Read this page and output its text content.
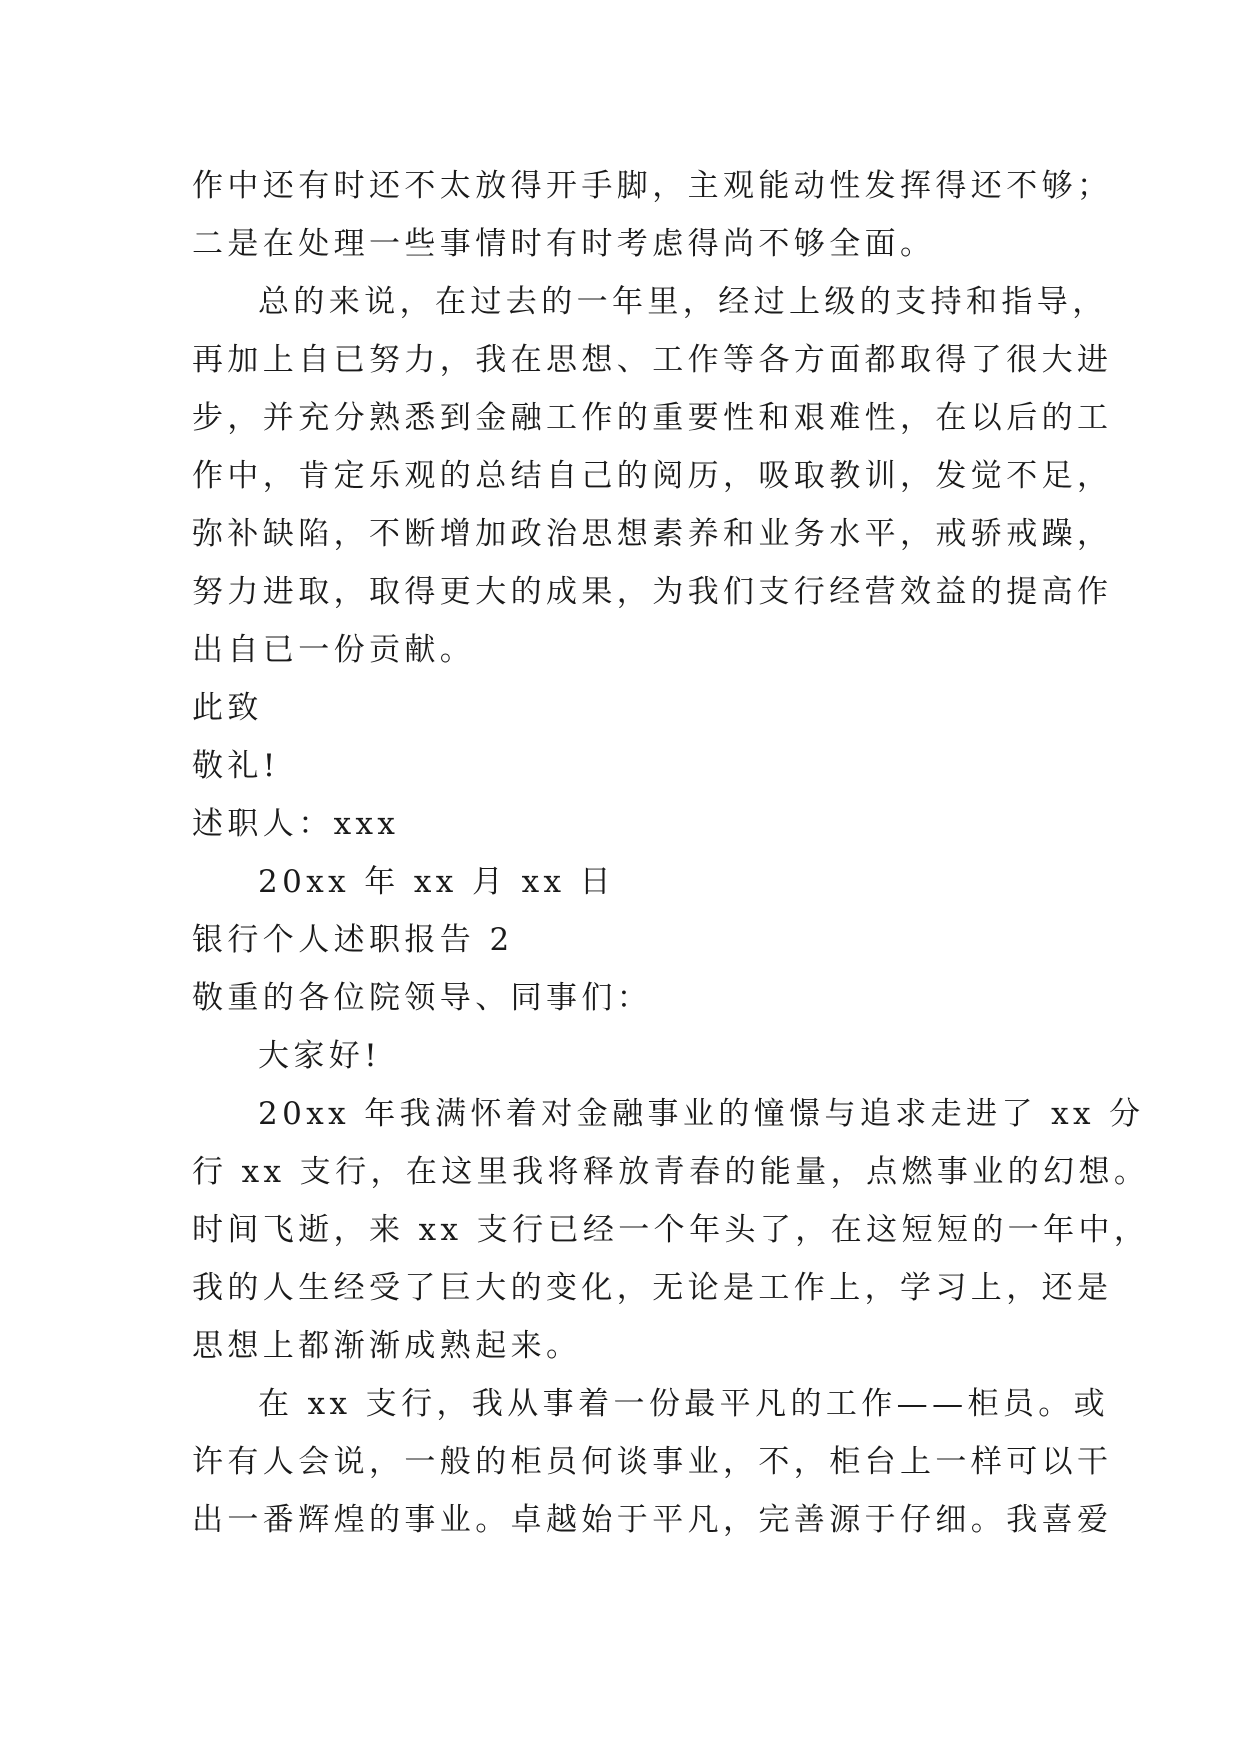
作中还有时还不太放得开手脚，主观能动性发挥得还不够；

二是在处理一些事情时有时考虑得尚不够全面。

总的来说，在过去的一年里，经过上级的支持和指导，

再加上自已努力，我在思想、工作等各方面都取得了很大进

步，并充分熟悉到金融工作的重要性和艰难性，在以后的工

作中，肯定乐观的总结自己的阅历，吸取教训，发觉不足，

弥补缺陷，不断增加政治思想素养和业务水平，戒骄戒躁，

努力进取，取得更大的成果，为我们支行经营效益的提高作

出自已一份贡献。

此致

敬礼!

述职人：xxx

20xx 年 xx 月 xx 日

银行个人述职报告 2

敬重的各位院领导、同事们：

大家好!

20xx 年我满怀着对金融事业的憧憬与追求走进了 xx 分

行 xx 支行，在这里我将释放青春的能量，点燃事业的幻想。

时间飞逝，来 xx 支行已经一个年头了，在这短短的一年中，

我的人生经受了巨大的变化，无论是工作上，学习上，还是

思想上都渐渐成熟起来。

在 xx 支行，我从事着一份最平凡的工作——柜员。或

许有人会说，一般的柜员何谈事业，不，柜台上一样可以干

出一番辉煌的事业。卓越始于平凡，完善源于仔细。我喜爱
